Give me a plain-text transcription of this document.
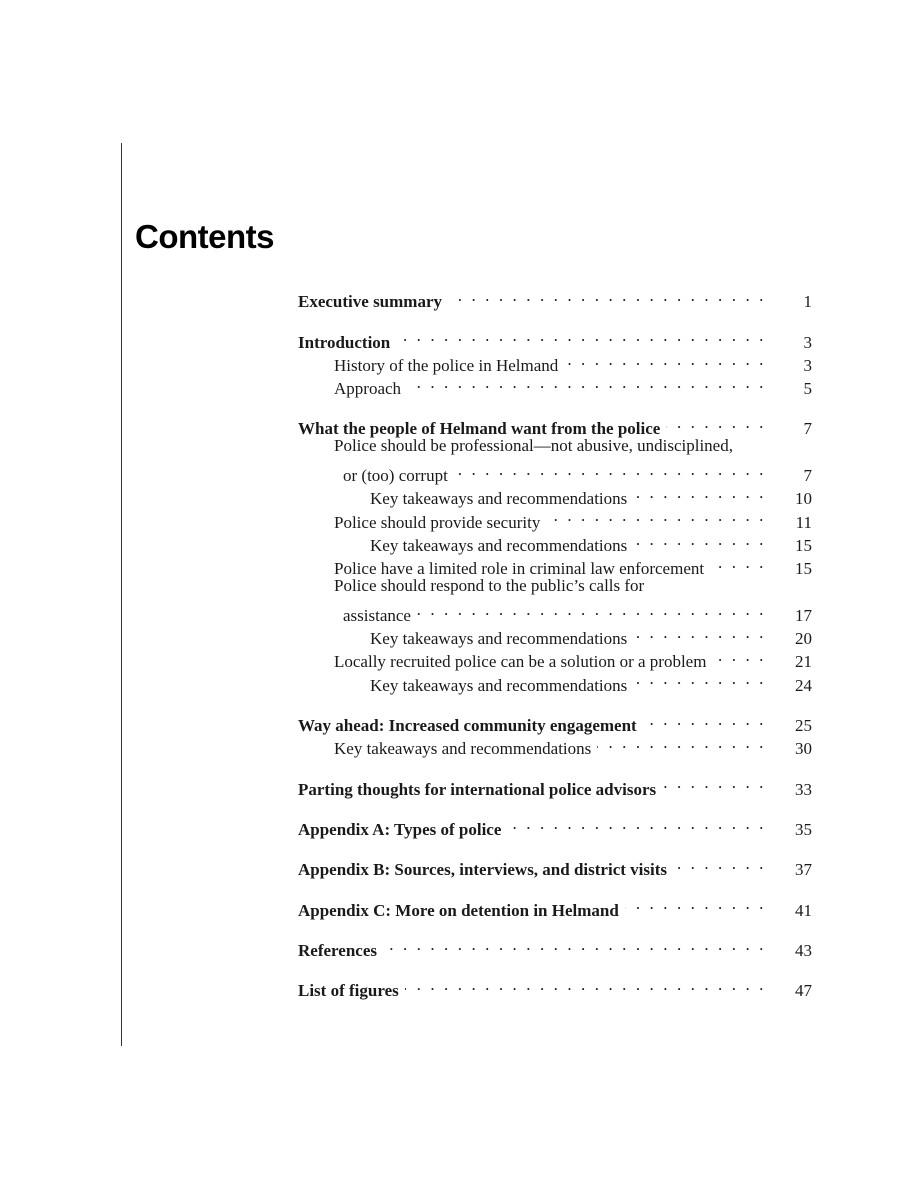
Contents
Executive summary . . .	1
Introduction . . .	3
History of the police in Helmand . . .	3
Approach . . .	5
What the people of Helmand want from the police . . .	7
Police should be professional—not abusive, undisciplined,
or (too) corrupt . . .	7
Key takeaways and recommendations . . .	10
Police should provide security . . .	11
Key takeaways and recommendations . . .	15
Police have a limited role in criminal law enforcement . . .	15
Police should respond to the public’s calls for
assistance . . .	17
Key takeaways and recommendations . . .	20
Locally recruited police can be a solution or a problem . . .	21
Key takeaways and recommendations . . .	24
Way ahead: Increased community engagement . . .	25
Key takeaways and recommendations . . .	30
Parting thoughts for international police advisors . . .	33
Appendix A: Types of police . . .	35
Appendix B: Sources, interviews, and district visits . . .	37
Appendix C: More on detention in Helmand . . .	41
References . . .	43
List of figures . . .	47
